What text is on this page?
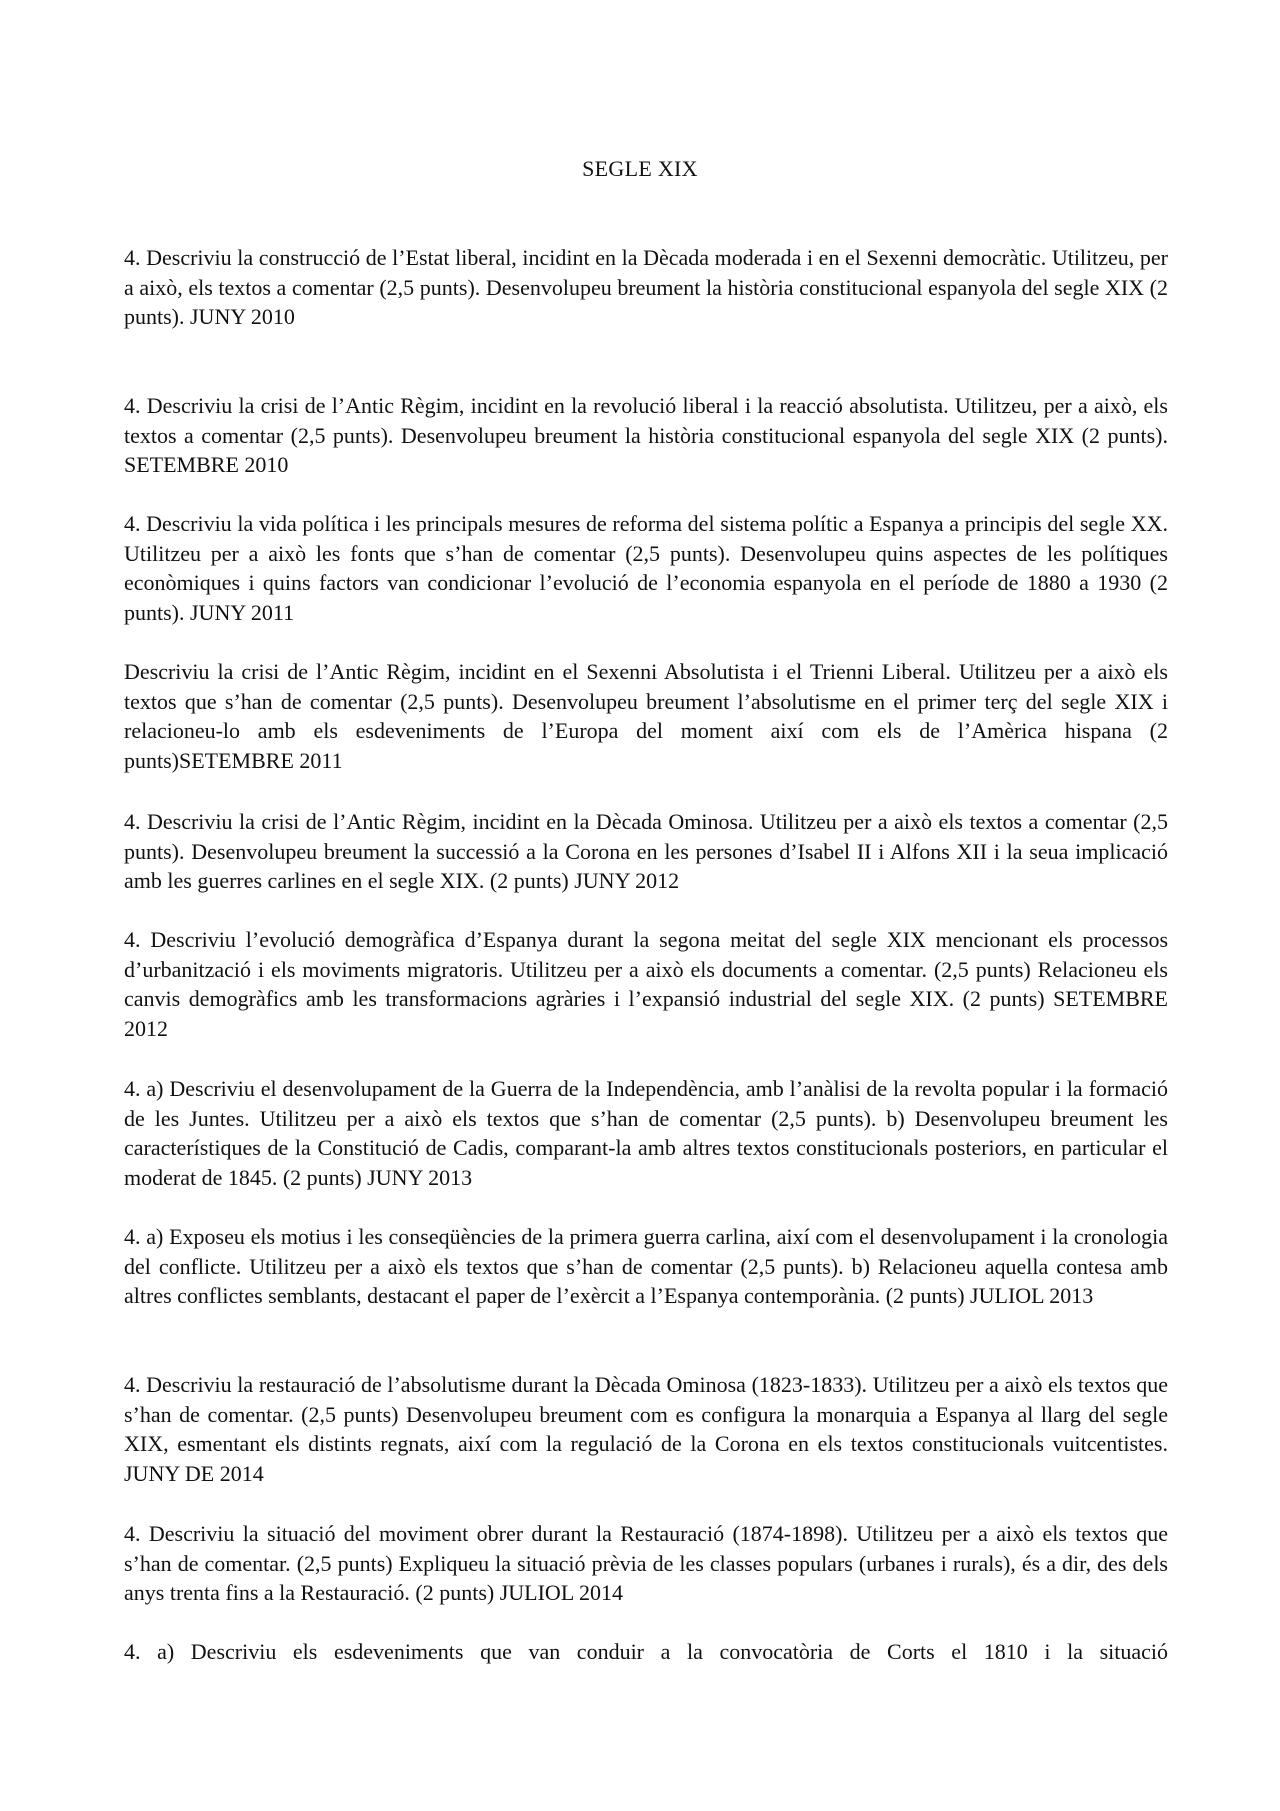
SEGLE XIX

4. Descriviu la construcció de l’Estat liberal, incidint en la Dècada moderada i en el Sexenni democràtic. Utilitzeu, per a això, els textos a comentar (2,5 punts). Desenvolupeu breument la història constitucional espanyola del segle XIX (2 punts). JUNY 2010

4. Descriviu la crisi de l’Antic Règim, incidint en la revolució liberal i la reacció absolutista. Utilitzeu, per a això, els textos a comentar (2,5 punts). Desenvolupeu breument la història constitucional espanyola del segle XIX (2 punts). SETEMBRE 2010

4. Descriviu la vida política i les principals mesures de reforma del sistema polític a Espanya a principis del segle XX. Utilitzeu per a això les fonts que s’han de comentar (2,5 punts). Desenvolupeu quins aspectes de les polítiques econòmiques i quins factors van condicionar l’evolució de l’economia espanyola en el període de 1880 a 1930 (2 punts). JUNY 2011

Descriviu la crisi de l’Antic Règim, incidint en el Sexenni Absolutista i el Trienni Liberal. Utilitzeu per a això els textos que s’han de comentar (2,5 punts). Desenvolupeu breument l’absolutisme en el primer terç del segle XIX i relacioneu-lo amb els esdeveniments de l’Europa del moment així com els de l’Amèrica hispana (2 punts)SETEMBRE 2011

4. Descriviu la crisi de l’Antic Règim, incidint en la Dècada Ominosa. Utilitzeu per a això els textos a comentar (2,5 punts). Desenvolupeu breument la successió a la Corona en les persones d’Isabel II i Alfons XII i la seua implicació amb les guerres carlines en el segle XIX. (2 punts) JUNY 2012

4. Descriviu l’evolució demogràfica d’Espanya durant la segona meitat del segle XIX mencionant els processos d’urbanització i els moviments migratoris. Utilitzeu per a això els documents a comentar. (2,5 punts) Relacioneu els canvis demogràfics amb les transformacions agràries i l’expansió industrial del segle XIX. (2 punts) SETEMBRE 2012

4. a) Descriviu el desenvolupament de la Guerra de la Independència, amb l’anàlisi de la revolta popular i la formació de les Juntes. Utilitzeu per a això els textos que s’han de comentar (2,5 punts). b) Desenvolupeu breument les característiques de la Constitució de Cadis, comparant-la amb altres textos constitucionals posteriors, en particular el moderat de 1845. (2 punts) JUNY 2013

4. a) Exposeu els motius i les conseqüències de la primera guerra carlina, així com el desenvolupament i la cronologia del conflicte. Utilitzeu per a això els textos que s’han de comentar (2,5 punts). b) Relacioneu aquella contesa amb altres conflictes semblants, destacant el paper de l’exèrcit a l’Espanya contemporània. (2 punts) JULIOL 2013

4. Descriviu la restauració de l’absolutisme durant la Dècada Ominosa (1823-1833). Utilitzeu per a això els textos que s’han de comentar. (2,5 punts) Desenvolupeu breument com es configura la monarquia a Espanya al llarg del segle XIX, esmentant els distints regnats, així com la regulació de la Corona en els textos constitucionals vuitcentistes. JUNY DE 2014

4. Descriviu la situació del moviment obrer durant la Restauració (1874-1898). Utilitzeu per a això els textos que s’han de comentar. (2,5 punts) Expliqueu la situació prèvia de les classes populars (urbanes i rurals), és a dir, des dels anys trenta fins a la Restauració. (2 punts) JULIOL 2014

4. a) Descriviu els esdeveniments que van conduir a la convocatòria de Corts el 1810 i la situació
